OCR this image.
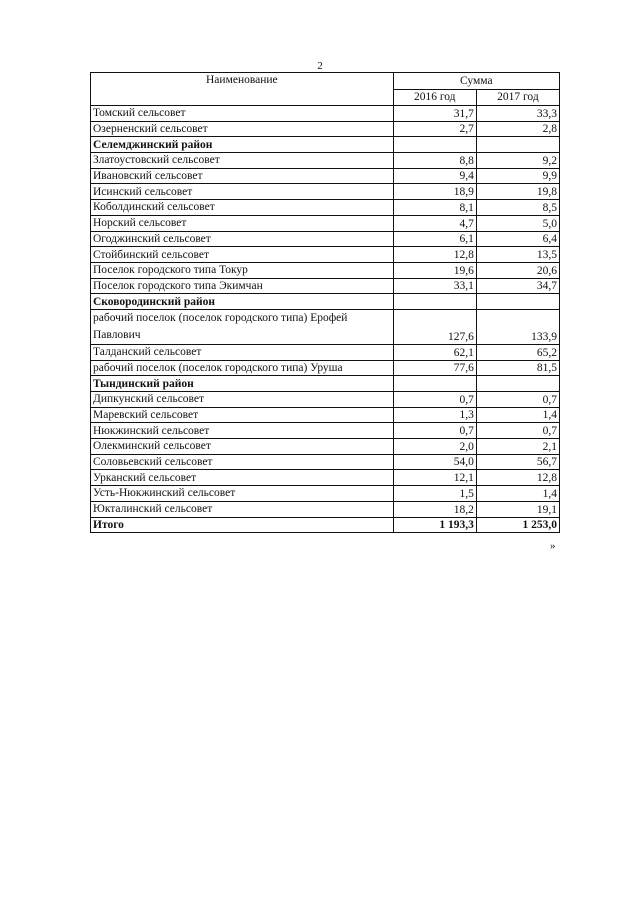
2
Наименование	Сумма	
	2016 год	2017 год
Томский сельсовет	31,7	33,3
Озерненский сельсовет	2,7	2,8
Селемджинский район		
Златоустовский сельсовет	8,8	9,2
Ивановский сельсовет	9,4	9,9
Исинский сельсовет	18,9	19,8
Коболдинский сельсовет	8,1	8,5
Норский сельсовет	4,7	5,0
Огоджинский сельсовет	6,1	6,4
Стойбинский сельсовет	12,8	13,5
Поселок городского типа Токур	19,6	20,6
Поселок городского типа Экимчан	33,1	34,7
Сковородинский район		
рабочий поселок (поселок городского типа) Ерофей Павлович	127,6	133,9
Талданский сельсовет	62,1	65,2
рабочий поселок (поселок городского типа) Уруша	77,6	81,5
Тындинский район		
Дипкунский сельсовет	0,7	0,7
Маревский сельсовет	1,3	1,4
Нюкжинский сельсовет	0,7	0,7
Олекминский сельсовет	2,0	2,1
Соловьевский сельсовет	54,0	56,7
Урканский сельсовет	12,1	12,8
Усть-Нюкжинский сельсовет	1,5	1,4
Юкталинский сельсовет	18,2	19,1
Итого	1 193,3	1 253,0
»
